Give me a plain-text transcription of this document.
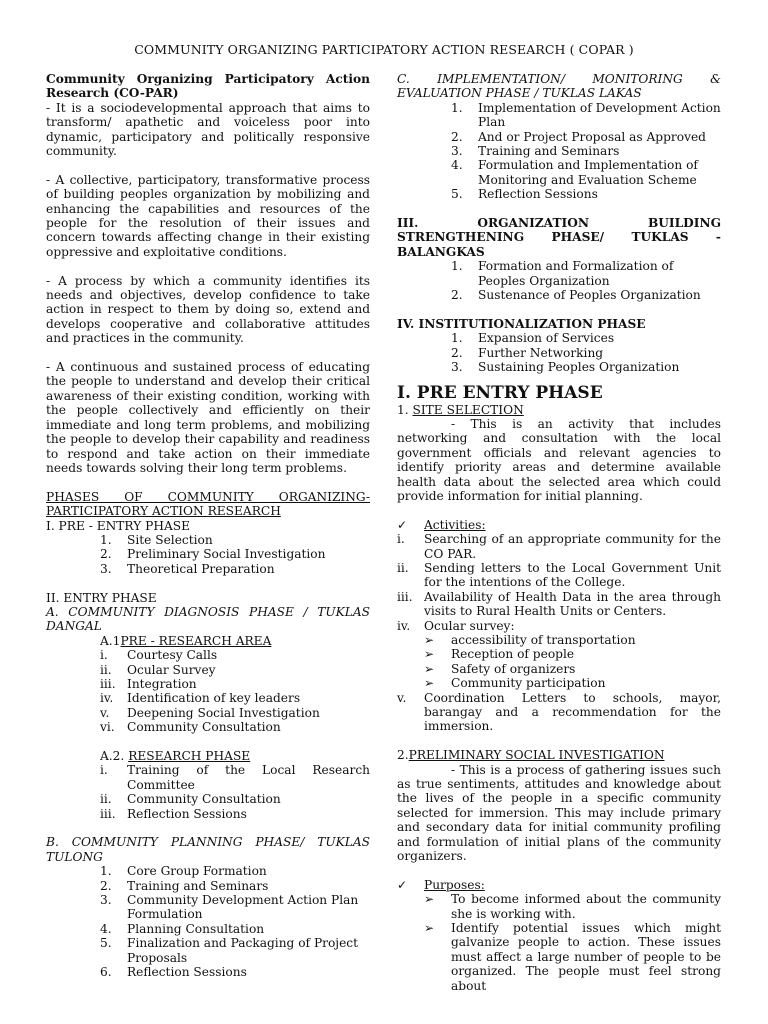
COMMUNITY ORGANIZING PARTICIPATORY ACTION RESEARCH ( COPAR )

Community Organizing Participatory Action Research (CO-PAR)

- It is a sociodevelopmental approach that aims to transform/ apathetic and voiceless poor into dynamic, participatory and politically responsive community.

- A collective, participatory, transformative process of building peoples organization by mobilizing and enhancing the capabilities and resources of the people for the resolution of their issues and concern towards affecting change in their existing oppressive and exploitative conditions.

- A process by which a community identifies its needs and objectives, develop confidence to take action in respect to them by doing so, extend and develops cooperative and collaborative attitudes and practices in the community.

- A continuous and sustained process of educating the people to understand and develop their critical awareness of their existing condition, working with the people collectively and efficiently on their immediate and long term problems, and mobilizing the people to develop their capability and readiness to respond and take action on their immediate needs towards solving their long term problems.

PHASES OF COMMUNITY ORGANIZING-PARTICIPATORY ACTION RESEARCH

I. PRE - ENTRY PHASE

1. Site Selection
2. Preliminary Social Investigation
3. Theoretical Preparation

II. ENTRY PHASE

A. COMMUNITY DIAGNOSIS PHASE / TUKLAS DANGAL

A.1PRE - RESEARCH AREA

i. Courtesy Calls
ii. Ocular Survey
iii. Integration
iv. Identification of key leaders
v. Deepening Social Investigation
vi. Community Consultation

A.2. RESEARCH PHASE

i. Training of the Local Research Committee
ii. Community Consultation
iii. Reflection Sessions

B. COMMUNITY PLANNING PHASE/ TUKLAS TULONG

1. Core Group Formation
2. Training and Seminars
3. Community Development Action Plan Formulation
4. Planning Consultation
5. Finalization and Packaging of Project Proposals
6. Reflection Sessions

C. IMPLEMENTATION/ MONITORING & EVALUATION PHASE / TUKLAS LAKAS

1. Implementation of Development Action Plan
2. And or Project Proposal as Approved
3. Training and Seminars
4. Formulation and Implementation of Monitoring and Evaluation Scheme
5. Reflection Sessions

III. ORGANIZATION BUILDING STRENGTHENING PHASE/ TUKLAS - BALANGKAS

1. Formation and Formalization of Peoples Organization
2. Sustenance of Peoples Organization

IV. INSTITUTIONALIZATION PHASE

1. Expansion of Services
2. Further Networking
3. Sustaining Peoples Organization

I. PRE ENTRY PHASE

1. SITE SELECTION

- This is an activity that includes networking and consultation with the local government officials and relevant agencies to identify priority areas and determine available health data about the selected area which could provide information for initial planning.

✓ Activities:

i. Searching of an appropriate community for the CO PAR.
ii. Sending letters to the Local Government Unit for the intentions of the College.
iii. Availability of Health Data in the area through visits to Rural Health Units or Centers.
iv. Ocular survey:
➢ accessibility of transportation
➢ Reception of people
➢ Safety of organizers
➢ Community participation
v. Coordination Letters to schools, mayor, barangay and a recommendation for the immersion.

2.PRELIMINARY SOCIAL INVESTIGATION

- This is a process of gathering issues such as true sentiments, attitudes and knowledge about the lives of the people in a specific community selected for immersion. This may include primary and secondary data for initial community profiling and formulation of initial plans of the community organizers.

✓ Purposes:

➢ To become informed about the community she is working with.
➢ Identify potential issues which might galvanize people to action. These issues must affect a large number of people to be organized. The people must feel strong about
